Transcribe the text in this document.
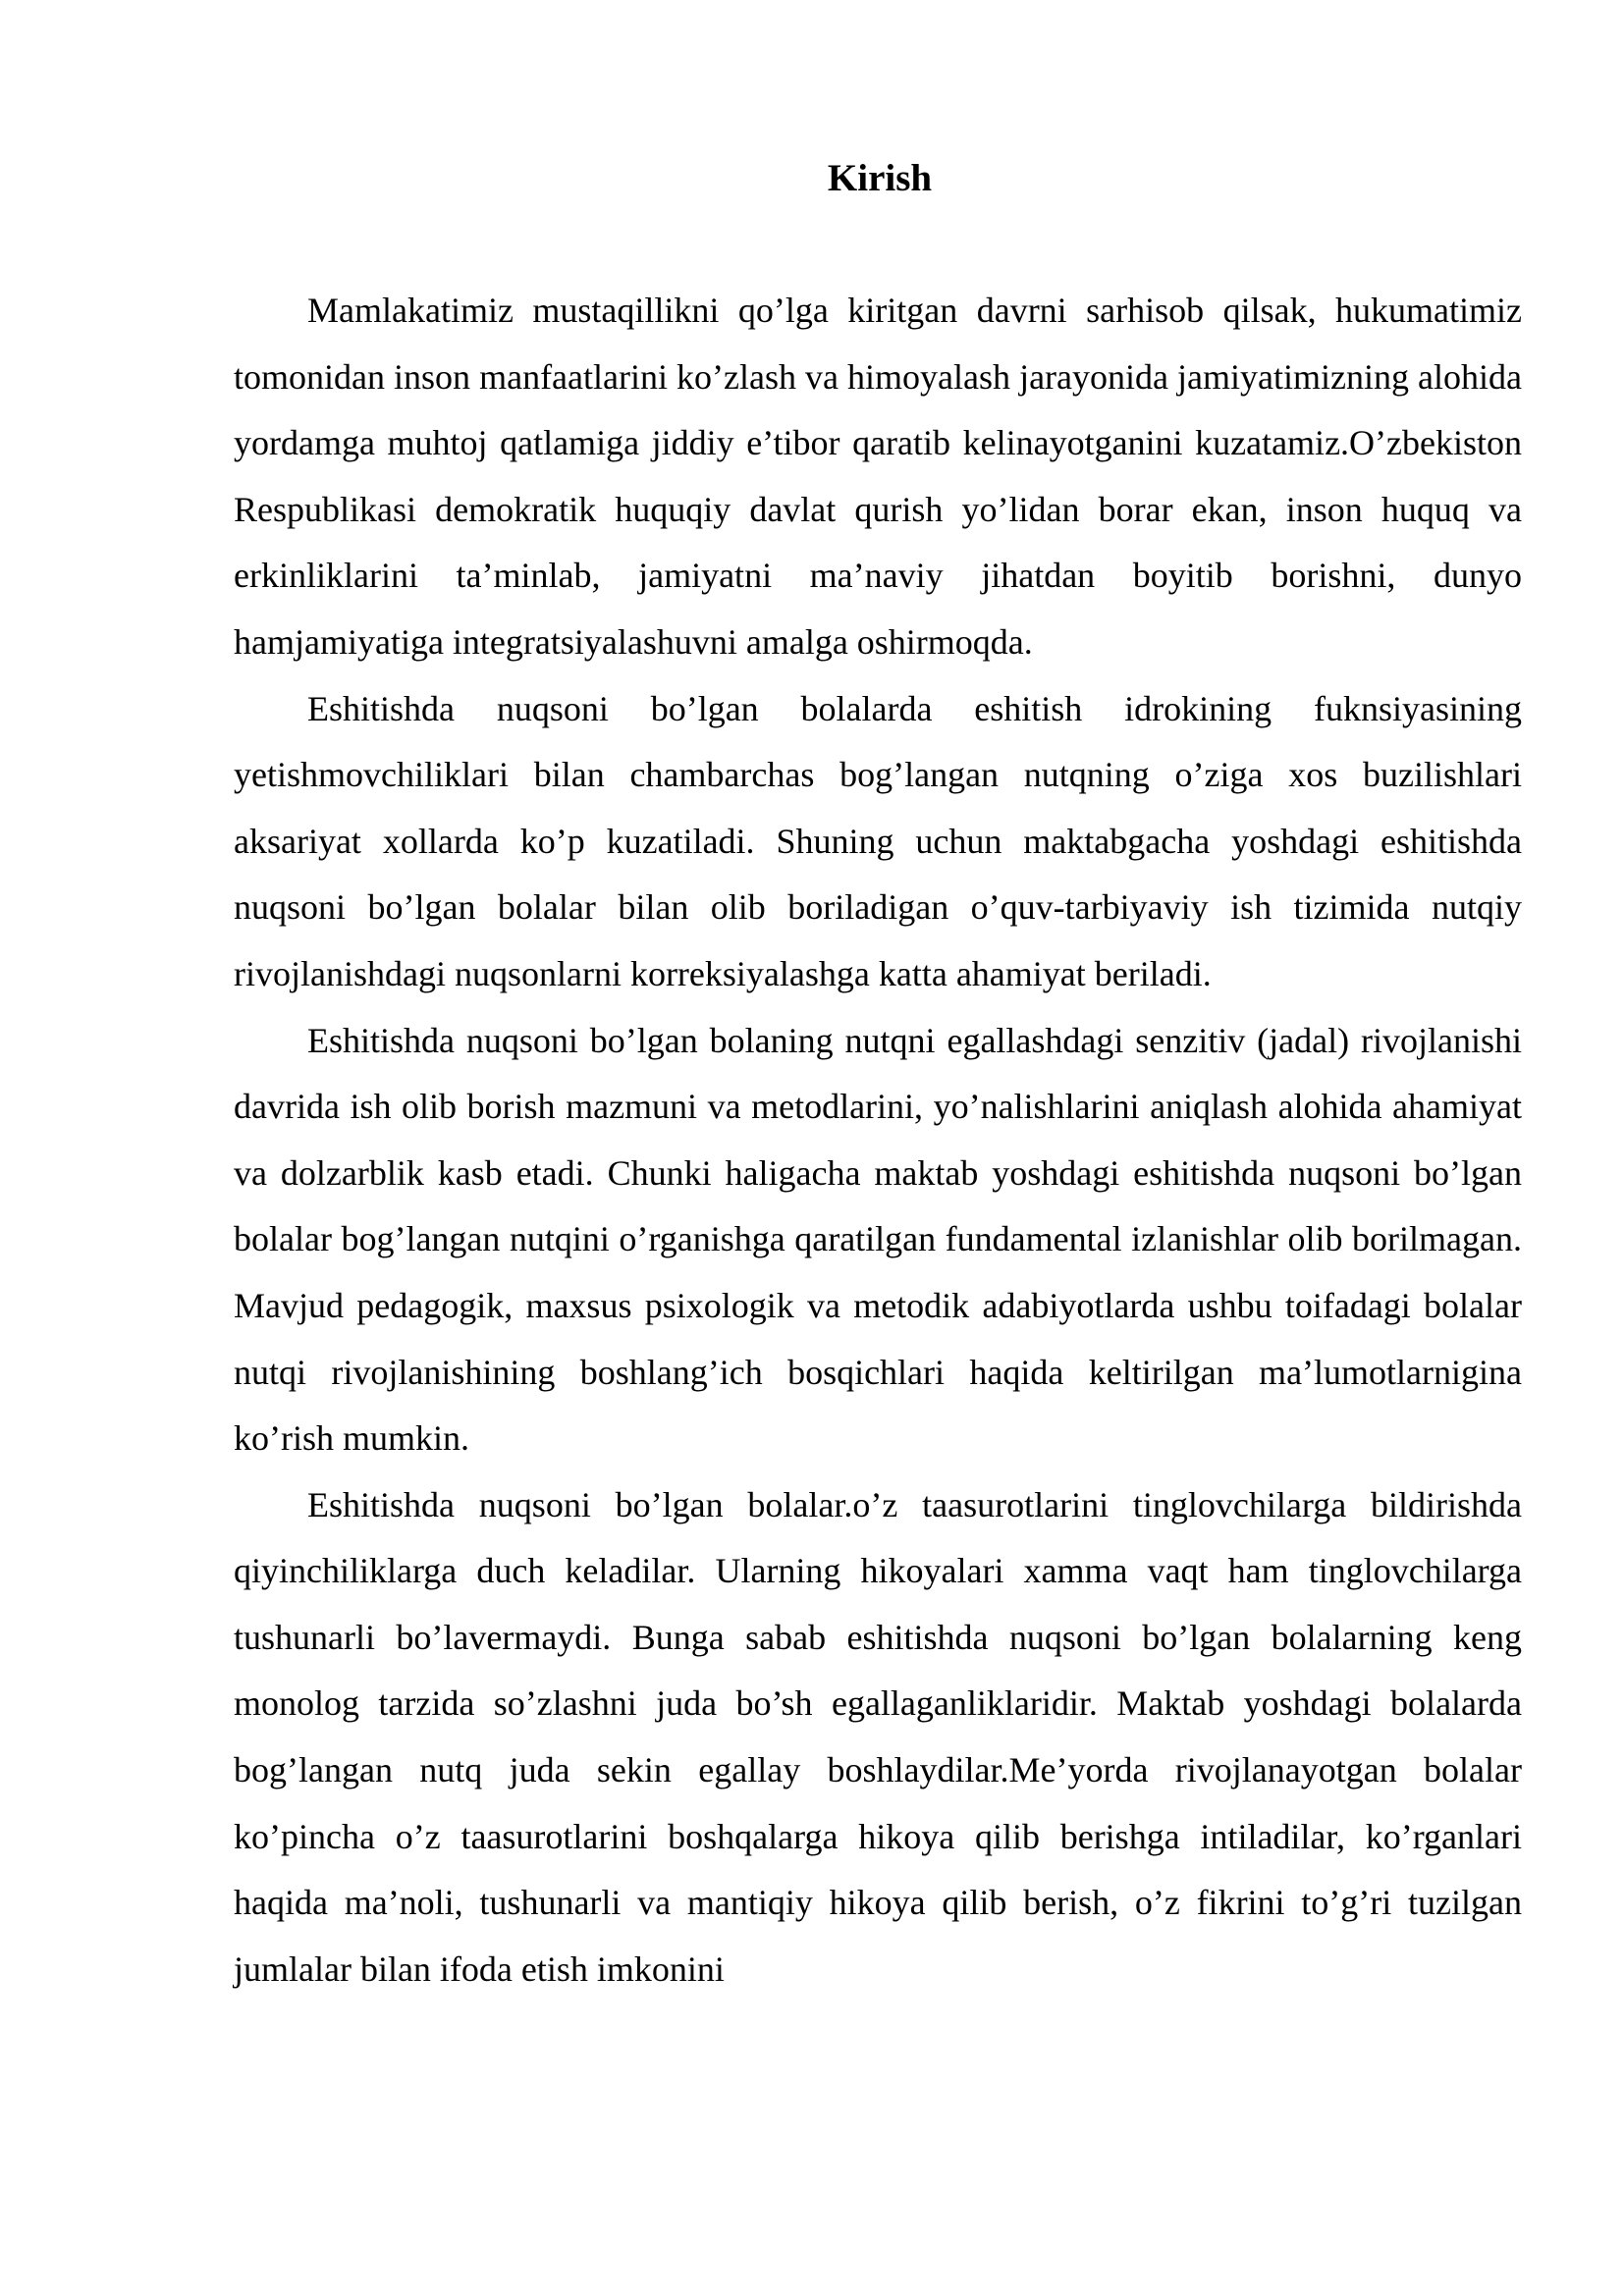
Kirish

Mamlakatimiz mustaqillikni qo’lga kiritgan davrni sarhisob qilsak, hukumatimiz tomonidan inson manfaatlarini ko’zlash va himoyalash jarayonida jamiyatimizning alohida yordamga muhtoj qatlamiga jiddiy e’tibor qaratib kelinayotganini kuzatamiz.O’zbekiston Respublikasi demokratik huquqiy davlat qurish yo’lidan borar ekan, inson huquq va erkinliklarini ta’minlab, jamiyatni ma’naviy jihatdan boyitib borishni, dunyo hamjamiyatiga integratsiyalashuvni amalga oshirmoqda.

Eshitishda nuqsoni bo’lgan bolalarda eshitish idrokining fuknsiyasining yetishmovchiliklari bilan chambarchas bog’langan nutqning o’ziga xos buzilishlari aksariyat xollarda ko’p kuzatiladi. Shuning uchun maktabgacha yoshdagi eshitishda nuqsoni bo’lgan bolalar bilan olib boriladigan o’quv-tarbiyaviy ish tizimida nutqiy rivojlanishdagi nuqsonlarni korreksiyalashga katta ahamiyat beriladi.

Eshitishda nuqsoni bo’lgan bolaning nutqni egallashdagi senzitiv (jadal) rivojlanishi davrida ish olib borish mazmuni va metodlarini, yo’nalishlarini aniqlash alohida ahamiyat va dolzarblik kasb etadi. Chunki haligacha maktab yoshdagi eshitishda nuqsoni bo’lgan bolalar bog’langan nutqini o’rganishga qaratilgan fundamental izlanishlar olib borilmagan. Mavjud pedagogik, maxsus psixologik va metodik adabiyotlarda ushbu toifadagi bolalar nutqi rivojlanishining boshlang’ich bosqichlari haqida keltirilgan ma’lumotlarnigina ko’rish mumkin.

Eshitishda nuqsoni bo’lgan bolalar.o’z taasurotlarini tinglovchilarga bildirishda qiyinchiliklarga duch keladilar. Ularning hikoyalari xamma vaqt ham tinglovchilarga tushunarli bo’lavermaydi. Bunga sabab eshitishda nuqsoni bo’lgan bolalarning keng monolog tarzida so’zlashni juda bo’sh egallaganliklaridir. Maktab yoshdagi bolalarda bog’langan nutq juda sekin egallay boshlaydilar.Me’yorda rivojlanayotgan bolalar ko’pincha o’z taasurotlarini boshqalarga hikoya qilib berishga intiladilar, ko’rganlari haqida ma’noli, tushunarli va mantiqiy hikoya qilib berish, o’z fikrini to’g’ri tuzilgan jumlalar bilan ifoda etish imkonini
